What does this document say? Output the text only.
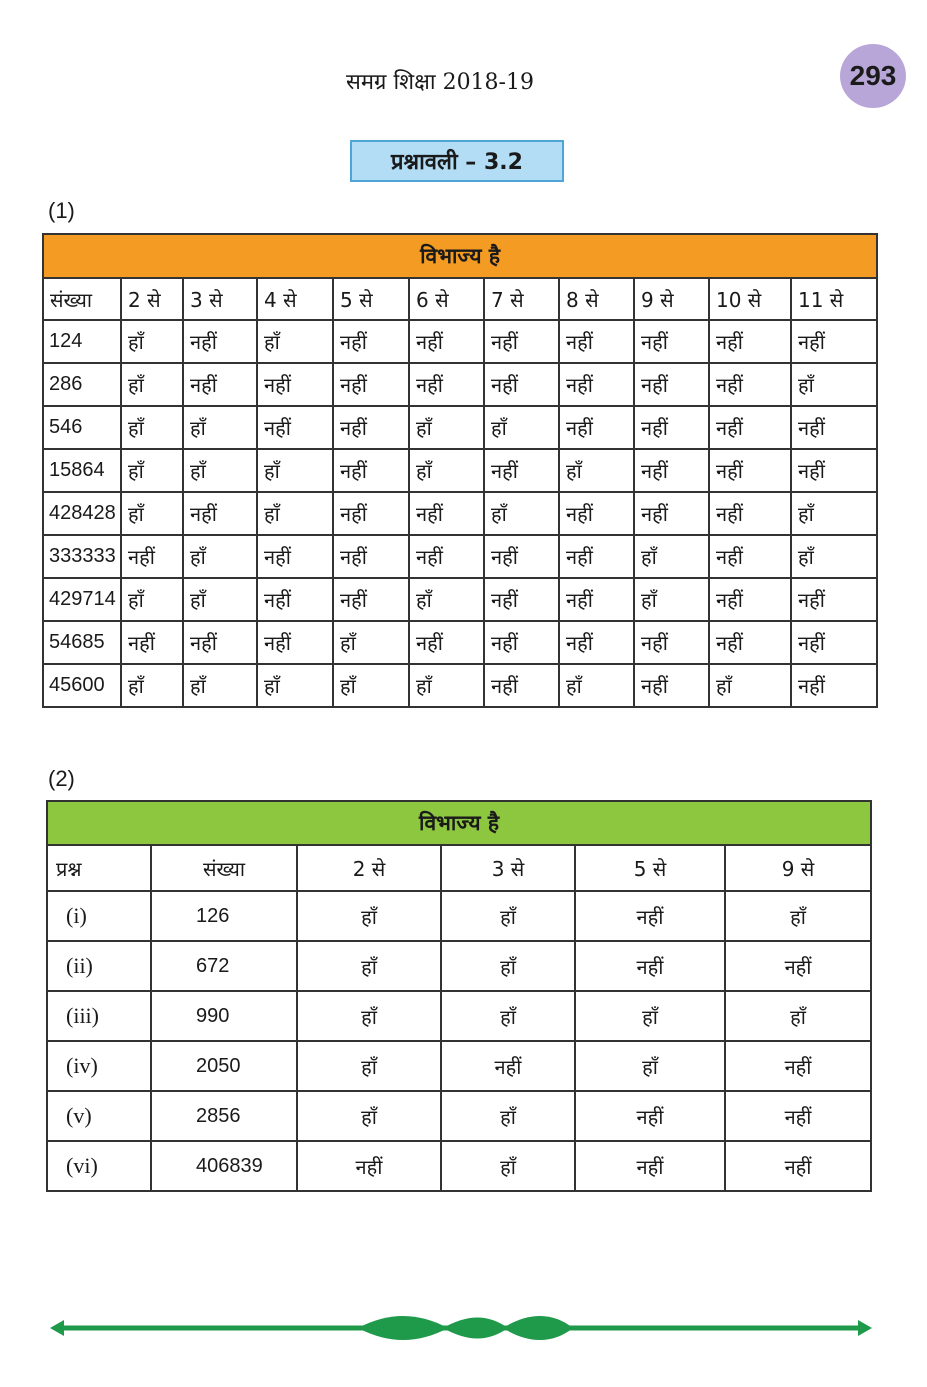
समग्र शिक्षा 2018-19	293
प्रश्नावली – 3.2
(1)
विभाज्य है										
संख्या	2 से	3 से	4 से	5 से	6 से	7 से	8 से	9 से	10 से	11 से
124	हाँ	नहीं	हाँ	नहीं	नहीं	नहीं	नहीं	नहीं	नहीं	नहीं
286	हाँ	नहीं	नहीं	नहीं	नहीं	नहीं	नहीं	नहीं	नहीं	हाँ
546	हाँ	हाँ	नहीं	नहीं	हाँ	हाँ	नहीं	नहीं	नहीं	नहीं
15864	हाँ	हाँ	हाँ	नहीं	हाँ	नहीं	हाँ	नहीं	नहीं	नहीं
428428	हाँ	नहीं	हाँ	नहीं	नहीं	हाँ	नहीं	नहीं	नहीं	हाँ
333333	नहीं	हाँ	नहीं	नहीं	नहीं	नहीं	नहीं	हाँ	नहीं	हाँ
429714	हाँ	हाँ	नहीं	नहीं	हाँ	नहीं	नहीं	हाँ	नहीं	नहीं
54685	नहीं	नहीं	नहीं	हाँ	नहीं	नहीं	नहीं	नहीं	नहीं	नहीं
45600	हाँ	हाँ	हाँ	हाँ	हाँ	नहीं	हाँ	नहीं	हाँ	नहीं
(2)
विभाज्य है					
प्रश्न	संख्या	2 से	3 से	5 से	9 से
(i)	126	हाँ	हाँ	नहीं	हाँ
(ii)	672	हाँ	हाँ	नहीं	नहीं
(iii)	990	हाँ	हाँ	हाँ	हाँ
(iv)	2050	हाँ	नहीं	हाँ	नहीं
(v)	2856	हाँ	हाँ	नहीं	नहीं
(vi)	406839	नहीं	हाँ	नहीं	नहीं
